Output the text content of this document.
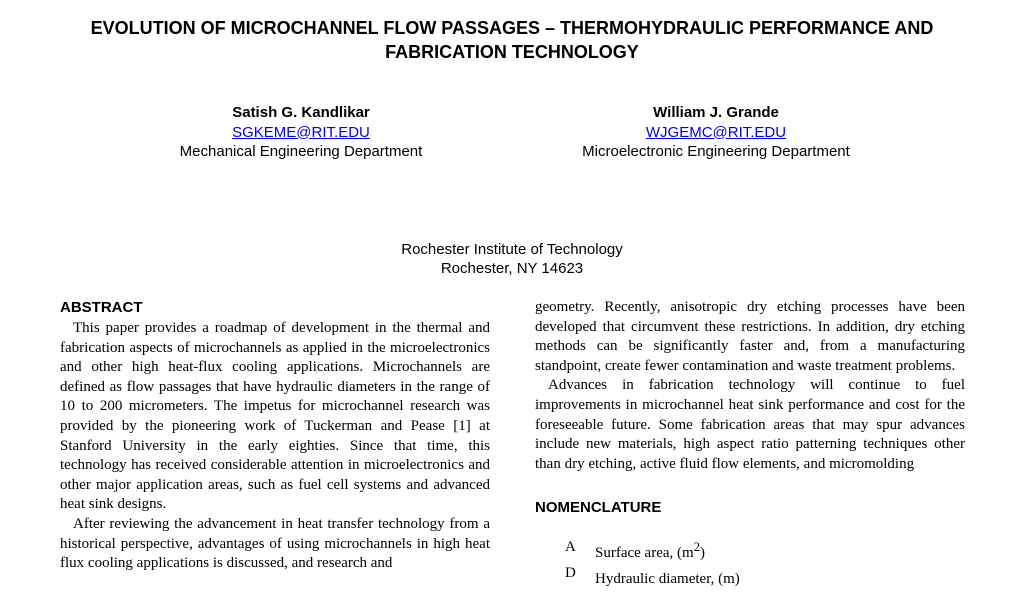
EVOLUTION OF MICROCHANNEL FLOW PASSAGES – THERMOHYDRAULIC PERFORMANCE AND FABRICATION TECHNOLOGY
Satish G. Kandlikar
SGKEME@RIT.EDU
Mechanical Engineering Department
William J. Grande
WJGEMC@RIT.EDU
Microelectronic Engineering Department
Rochester Institute of Technology
Rochester, NY 14623
ABSTRACT

This paper provides a roadmap of development in the thermal and fabrication aspects of microchannels as applied in the microelectronics and other high heat-flux cooling applications. Microchannels are defined as flow passages that have hydraulic diameters in the range of 10 to 200 micrometers. The impetus for microchannel research was provided by the pioneering work of Tuckerman and Pease [1] at Stanford University in the early eighties. Since that time, this technology has received considerable attention in microelectronics and other major application areas, such as fuel cell systems and advanced heat sink designs.

After reviewing the advancement in heat transfer technology from a historical perspective, advantages of using microchannels in high heat flux cooling applications is discussed, and research and

geometry. Recently, anisotropic dry etching processes have been developed that circumvent these restrictions. In addition, dry etching methods can be significantly faster and, from a manufacturing standpoint, create fewer contamination and waste treatment problems.

Advances in fabrication technology will continue to fuel improvements in microchannel heat sink performance and cost for the foreseeable future. Some fabrication areas that may spur advances include new materials, high aspect ratio patterning techniques other than dry etching, active fluid flow elements, and micromolding

NOMENCLATURE
A	Surface area, $(m^2)$
D	Hydraulic diameter, (m)
